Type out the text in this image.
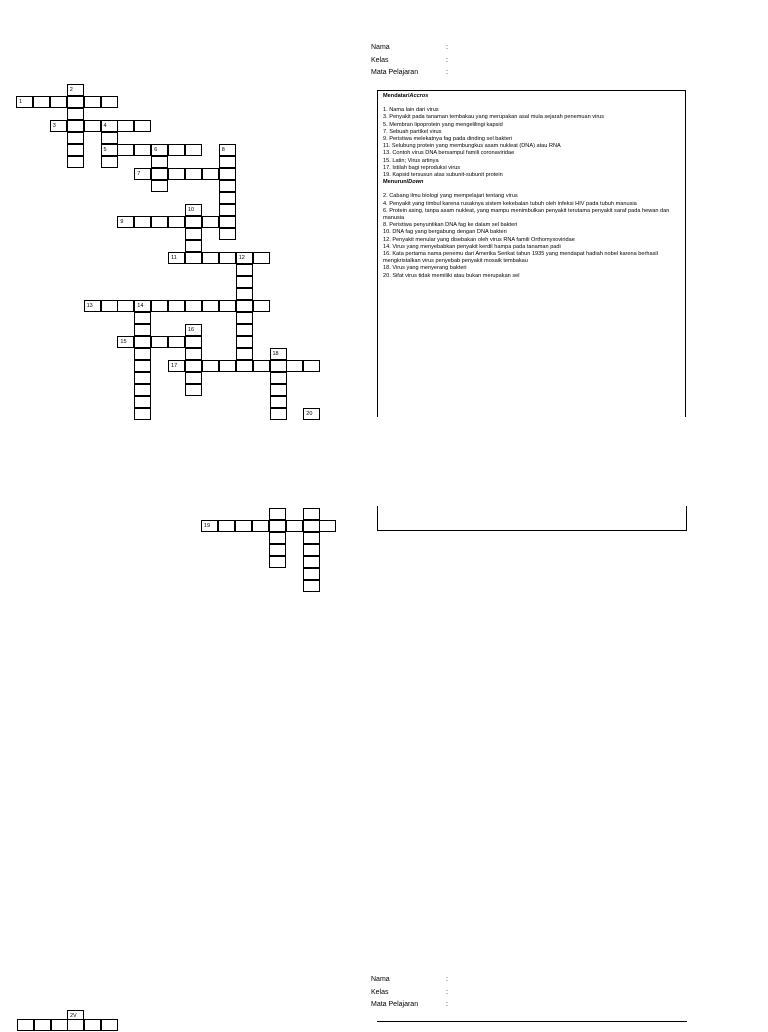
1
2
3	4
5	6
7
8
9
10
11	12
13	14
15
16
17
18
19
20
2V
Nama	:
Kelas	:
Mata Pelajaran	:

Mendatar/Accros

1. Nama lain dari virus

3. Penyakit pada tanaman tembakau yang merupakan asal mula sejarah penemuan virus

5. Membran lipoprotein yang mengelilingi kapsid

7. Sebuah partikel virus

9. Peristiwa melekatnya fag pada dinding sel bakteri

11. Selubung protein yang membungkus asam nukleat (DNA) atau RNA

13. Contoh virus DNA bersampul famili coronaviridae

15. Latin; Virus artinya

17. Istilah bagi reproduksi virus

19. Kapsid tersusun atas subunit-subunit protein

Menurun/Down

2. Cabang ilmu biologi yang mempelajari tentang virus

4. Penyakit yang timbul karena rusaknya sistem kekebalan tubuh oleh infeksi HIV pada tubuh manusia

6. Protein asing, tanpa asam nukleat, yang mampu menimbulkan penyakit terutama penyakit saraf pada hewan dan manusia

8. Peristiwa penyuntikan DNA fag ke dalam sel bakteri

10. DNA fag yang bergabung dengan DNA bakteri

12. Penyakit menular yang disebakan oleh virus RNA famili Orthomyxoviridae

14. Virus yang menyebabkan penyakit kerdil hampa pada tanaman padi

16. Kata pertama nama penemu dari Amerika Serikat tahun 1935 yang mendapat hadiah nobel karena berhasil mengkristalkan virus penyebab penyakit mosaik tembakau

18. Virus yang menyerang bakteri

20. Sifat virus tidak memiliki atau bukan merupakan sel

Nama	:
Kelas	:
Mata Pelajaran	:
